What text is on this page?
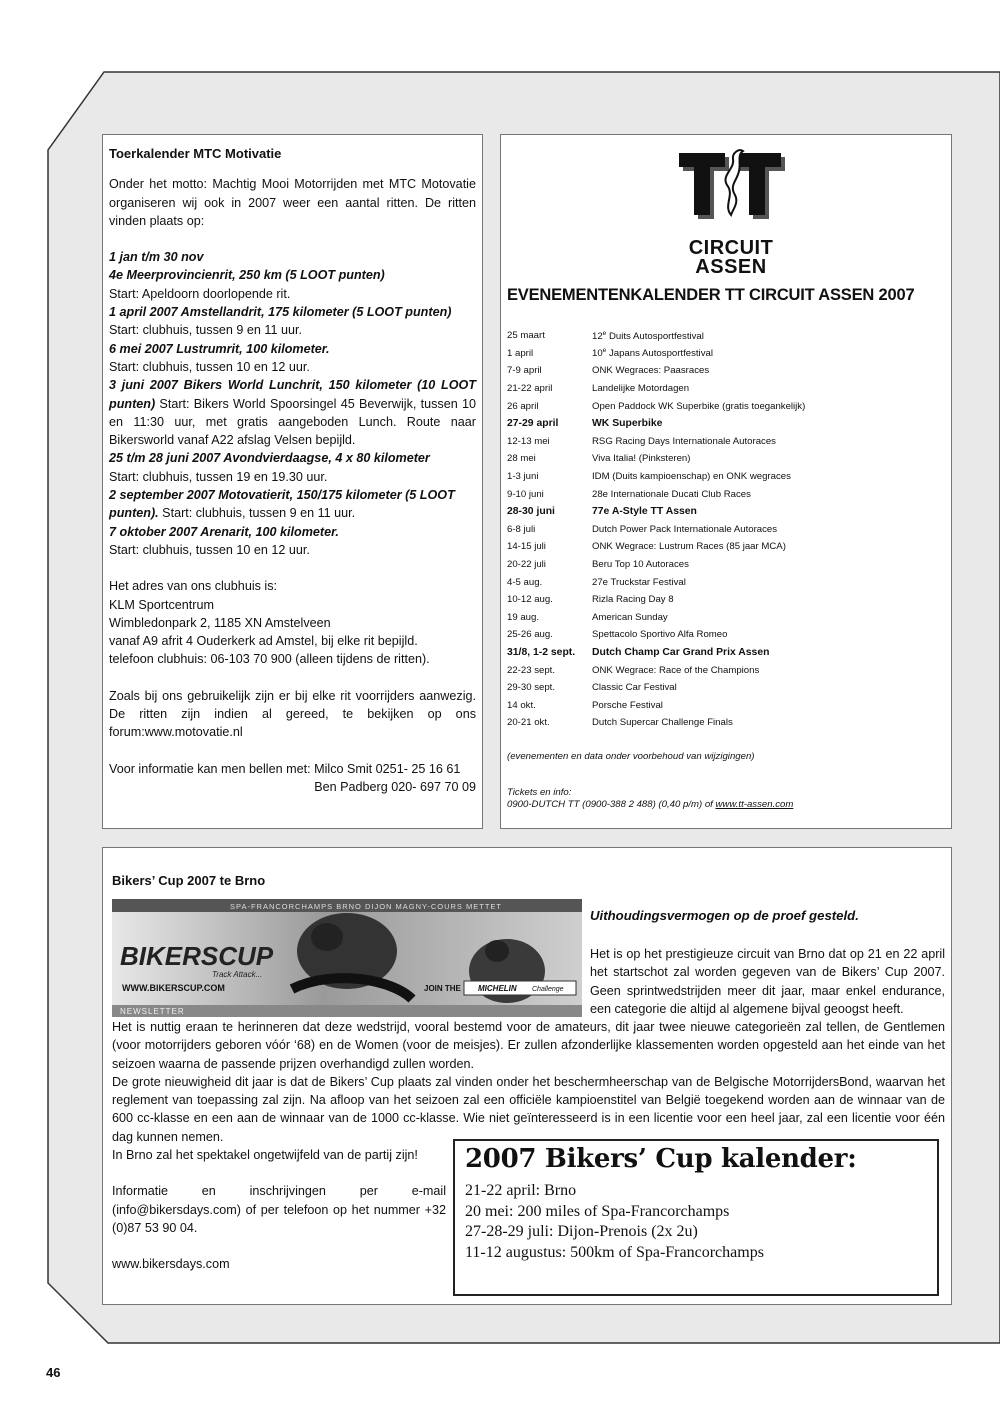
Toerkalender MTC Motivatie

Onder het motto: Machtig Mooi Motorrijden met MTC Motovatie organiseren wij ook in 2007 weer een aantal ritten. De ritten vinden plaats op:

1 jan t/m 30 nov

4e Meerprovincienrit, 250 km (5 LOOT punten)
Start: Apeldoorn doorlopende rit.

1 april 2007 Amstellandrit, 175 kilometer (5 LOOT punten)
Start: clubhuis, tussen 9 en 11 uur.

6 mei 2007 Lustrumrit, 100 kilometer.
Start: clubhuis, tussen 10 en 12 uur.

3 juni 2007 Bikers World Lunchrit, 150 kilometer (10 LOOT punten) Start: Bikers World Spoorsingel 45 Beverwijk, tussen 10 en 11:30 uur, met gratis aangeboden Lunch. Route naar Bikersworld vanaf A22 afslag Velsen bepijld.

25 t/m 28 juni 2007 Avondvierdaagse, 4 x 80 kilometer
Start: clubhuis, tussen 19 en 19.30 uur.

2 september 2007 Motovatierit, 150/175 kilometer (5 LOOT punten). Start: clubhuis, tussen 9 en 11 uur.

7 oktober 2007 Arenarit, 100 kilometer.
Start: clubhuis, tussen 10 en 12 uur.

Het adres van ons clubhuis is:

KLM Sportcentrum

Wimbledonpark 2, 1185 XN Amstelveen

vanaf A9 afrit 4 Ouderkerk ad Amstel, bij elke rit bepijld.

telefoon clubhuis: 06-103 70 900 (alleen tijdens de ritten).

Zoals bij ons gebruikelijk zijn er bij elke rit voorrijders aanwezig. De ritten zijn indien al gereed, te bekijken op ons forum:www.motovatie.nl

Voor informatie kan men bellen met: Milco Smit 0251- 25 16 61

Ben Padberg 020- 697 70 09

CIRCUIT
ASSEN
EVENEMENTENKALENDER TT CIRCUIT ASSEN 2007
25 maart	12e Duits Autosportfestival
1 april	10e Japans Autosportfestival
7-9 april	ONK Wegraces: Paasraces
21-22 april	Landelijke Motordagen
26 april	Open Paddock WK Superbike (gratis toegankelijk)
27-29 april	WK Superbike
12-13 mei	RSG Racing Days Internationale Autoraces
28 mei	Viva Italia! (Pinksteren)
1-3 juni	IDM (Duits kampioenschap) en ONK wegraces
9-10 juni	28e Internationale Ducati Club Races
28-30 juni	77e A-Style TT Assen
6-8 juli	Dutch Power Pack Internationale Autoraces
14-15 juli	ONK Wegrace: Lustrum Races (85 jaar MCA)
20-22 juli	Beru Top 10 Autoraces
4-5 aug.	27e Truckstar Festival
10-12 aug.	Rizla Racing Day 8
19 aug.	American Sunday
25-26 aug.	Spettacolo Sportivo Alfa Romeo
31/8, 1-2 sept.	Dutch Champ Car Grand Prix Assen
22-23 sept.	ONK Wegrace: Race of the Champions
29-30 sept.	Classic Car Festival
14 okt.	Porsche Festival
20-21 okt.	Dutch Supercar Challenge Finals
(evenementen en data onder voorbehoud van wijzigingen)
Tickets en info:
0900-DUTCH TT (0900-388 2 488) (0,40 p/m) of www.tt-assen.com
Bikers’ Cup 2007 te Brno
SPA-FRANCORCHAMPS BRNO DIJON MAGNY-COURS METTET
NEWSLETTER
BIKERSCUP
Track Attack...
WWW.BIKERSCUP.COM	JOIN THE MICHELIN Challenge
Uithoudingsvermogen op de proef gesteld.
Het is op het prestigieuze circuit van Brno dat op 21 en 22 april het startschot zal worden gegeven van de Bikers’ Cup 2007. Geen sprintwedstrijden meer dit jaar, maar enkel endurance, een categorie die altijd al algemene bijval geoogst heeft.

Het is nuttig eraan te herinneren dat deze wedstrijd, vooral bestemd voor de amateurs, dit jaar twee nieuwe categorieën zal tellen, de Gentlemen (voor motorrijders geboren vóór ‘68) en de Women (voor de meisjes). Er zullen afzonderlijke klassementen worden opgesteld aan het einde van het seizoen waarna de passende prijzen overhandigd zullen worden.

De grote nieuwigheid dit jaar is dat de Bikers’ Cup plaats zal vinden onder het beschermheerschap van de Belgische MotorrijdersBond, waarvan het reglement van toepassing zal zijn. Na afloop van het seizoen zal een officiële kampioenstitel van België toegekend worden aan de winnaar van de 600 cc-klasse en een aan de winnaar van de 1000 cc-klasse. Wie niet geïnteresseerd is in een licentie voor een heel jaar, zal een licentie voor één dag kunnen nemen.

In Brno zal het spektakel ongetwijfeld van de partij zijn!

Informatie en inschrijvingen per e-mail (info@bikersdays.com) of per telefoon op het nummer +32 (0)87 53 90 04.

www.bikersdays.com

2007 Bikers’ Cup kalender:
21-22 april: Brno
20 mei: 200 miles of Spa-Francorchamps
27-28-29 juli: Dijon-Prenois (2x 2u)
11-12 augustus: 500km of Spa-Francorchamps
46
